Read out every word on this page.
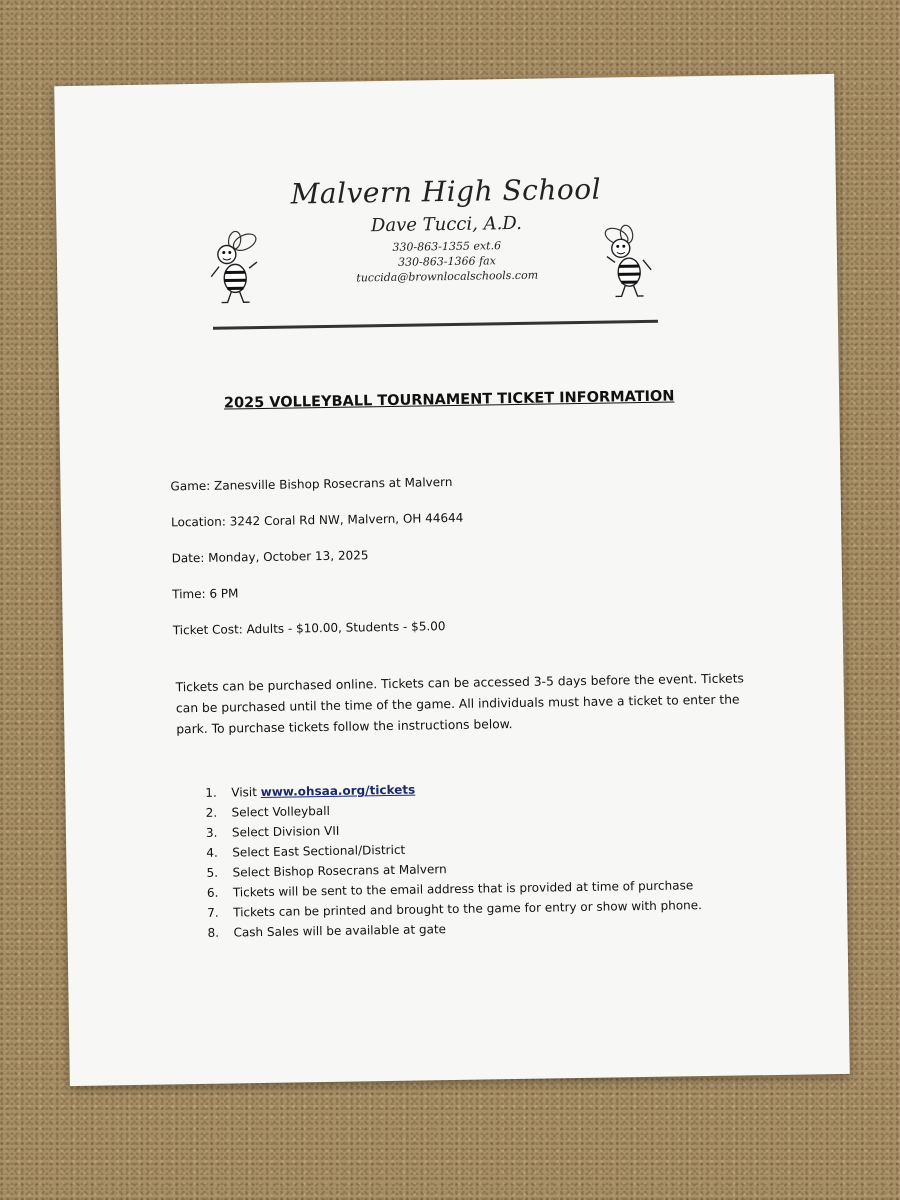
Malvern High School
Dave Tucci, A.D.
330-863-1355 ext.6
330-863-1366 fax
tuccida@brownlocalschools.com
2025 VOLLEYBALL TOURNAMENT TICKET INFORMATION
Game: Zanesville Bishop Rosecrans at Malvern
Location: 3242 Coral Rd NW, Malvern, OH 44644
Date: Monday, October 13, 2025
Time: 6 PM
Ticket Cost: Adults - $10.00, Students - $5.00
Tickets can be purchased online. Tickets can be accessed 3-5 days before the event. Tickets
can be purchased until the time of the game. All individuals must have a ticket to enter the
park. To purchase tickets follow the instructions below.
1.	Visit www.ohsaa.org/tickets
2.	Select Volleyball
3.	Select Division VII
4.	Select East Sectional/District
5.	Select Bishop Rosecrans at Malvern
6.	Tickets will be sent to the email address that is provided at time of purchase
7.	Tickets can be printed and brought to the game for entry or show with phone.
8.	Cash Sales will be available at gate
